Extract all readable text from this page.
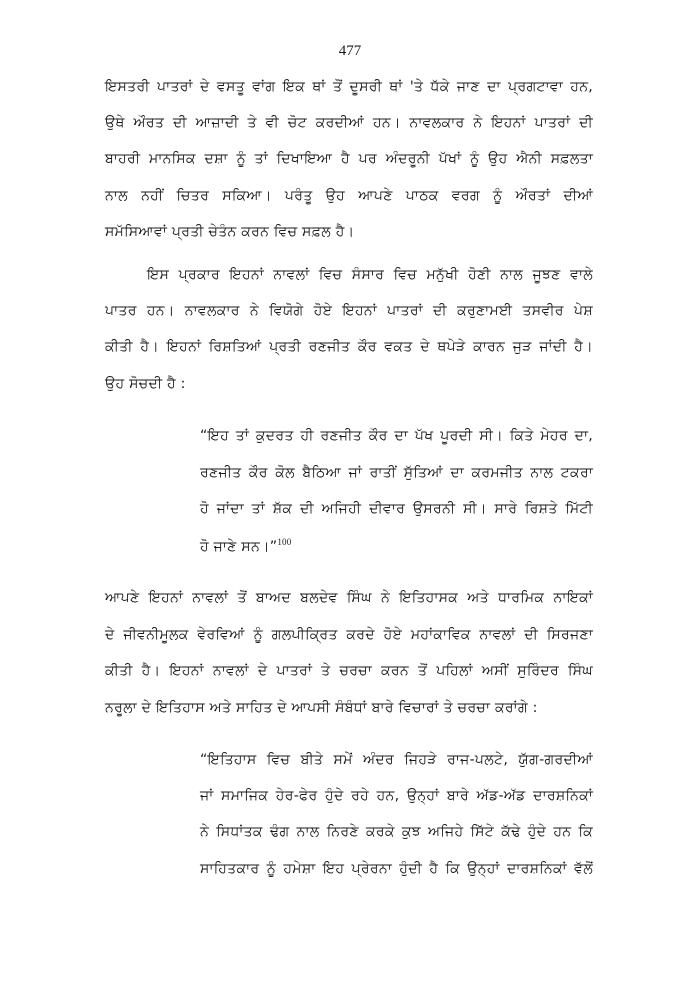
477
ਇਸਤਰੀ ਪਾਤਰਾਂ ਦੇ ਵਸਤੂ ਵਾਂਗ ਇਕ ਥਾਂ ਤੋਂ ਦੂਸਰੀ ਥਾਂ 'ਤੇ ਧੱਕੇ ਜਾਣ ਦਾ ਪ੍ਰਗਟਾਵਾ ਹਨ,
ਉਥੇ ਔਰਤ ਦੀ ਆਜ਼ਾਦੀ ਤੇ ਵੀ ਚੋਟ ਕਰਦੀਆਂ ਹਨ। ਨਾਵਲਕਾਰ ਨੇ ਇਹਨਾਂ ਪਾਤਰਾਂ ਦੀ
ਬਾਹਰੀ ਮਾਨਸਿਕ ਦਸ਼ਾ ਨੂੰ ਤਾਂ ਦਿਖਾਇਆ ਹੈ ਪਰ ਅੰਦਰੂਨੀ ਪੱਖਾਂ ਨੂੰ ਉਹ ਐਨੀ ਸਫ਼ਲਤਾ
ਨਾਲ ਨਹੀਂ ਚਿਤਰ ਸਕਿਆ। ਪਰੰਤੂ ਉਹ ਆਪਣੇ ਪਾਠਕ ਵਰਗ ਨੂੰ ਔਰਤਾਂ ਦੀਆਂ
ਸਮੱਸਿਆਵਾਂ ਪ੍ਰਤੀ ਚੇਤੰਨ ਕਰਨ ਵਿਚ ਸਫ਼ਲ ਹੈ।
ਇਸ ਪ੍ਰਕਾਰ ਇਹਨਾਂ ਨਾਵਲਾਂ ਵਿਚ ਸੰਸਾਰ ਵਿਚ ਮਨੁੱਖੀ ਹੋਣੀ ਨਾਲ ਜੂਝਣ ਵਾਲੇ
ਪਾਤਰ ਹਨ। ਨਾਵਲਕਾਰ ਨੇ ਵਿਯੋਗੇ ਹੋਏ ਇਹਨਾਂ ਪਾਤਰਾਂ ਦੀ ਕਰੁਣਾਮਈ ਤਸਵੀਰ ਪੇਸ਼
ਕੀਤੀ ਹੈ। ਇਹਨਾਂ ਰਿਸ਼ਤਿਆਂ ਪ੍ਰਤੀ ਰਣਜੀਤ ਕੌਰ ਵਕਤ ਦੇ ਥਪੇੜੇ ਕਾਰਨ ਜੁੜ ਜਾਂਦੀ ਹੈ।
ਉਹ ਸੋਚਦੀ ਹੈ :
“ਇਹ ਤਾਂ ਕੁਦਰਤ ਹੀ ਰਣਜੀਤ ਕੌਰ ਦਾ ਪੱਖ ਪੂਰਦੀ ਸੀ। ਕਿਤੇ ਮੇਹਰ ਦਾ,
ਰਣਜੀਤ ਕੌਰ ਕੋਲ ਬੈਠਿਆ ਜਾਂ ਰਾਤੀਂ ਸੁੱਤਿਆਂ ਦਾ ਕਰਮਜੀਤ ਨਾਲ ਟਕਰਾ
ਹੋ ਜਾਂਦਾ ਤਾਂ ਸ਼ੱਕ ਦੀ ਅਜਿਹੀ ਦੀਵਾਰ ਉਸਰਨੀ ਸੀ। ਸਾਰੇ ਰਿਸ਼ਤੇ ਮਿੱਟੀ
ਹੋ ਜਾਣੇ ਸਨ।”$^{100}$
ਆਪਣੇ ਇਹਨਾਂ ਨਾਵਲਾਂ ਤੋਂ ਬਾਅਦ ਬਲਦੇਵ ਸਿੰਘ ਨੇ ਇਤਿਹਾਸਕ ਅਤੇ ਧਾਰਮਿਕ ਨਾਇਕਾਂ
ਦੇ ਜੀਵਨੀਮੂਲਕ ਵੇਰਵਿਆਂ ਨੂੰ ਗਲਪੀਕ੍ਰਿਤ ਕਰਦੇ ਹੋਏ ਮਹਾਂਕਾਵਿਕ ਨਾਵਲਾਂ ਦੀ ਸਿਰਜਣਾ
ਕੀਤੀ ਹੈ। ਇਹਨਾਂ ਨਾਵਲਾਂ ਦੇ ਪਾਤਰਾਂ ਤੇ ਚਰਚਾ ਕਰਨ ਤੋਂ ਪਹਿਲਾਂ ਅਸੀਂ ਸੁਰਿੰਦਰ ਸਿੰਘ
ਨਰੂਲਾ ਦੇ ਇਤਿਹਾਸ ਅਤੇ ਸਾਹਿਤ ਦੇ ਆਪਸੀ ਸੰਬੰਧਾਂ ਬਾਰੇ ਵਿਚਾਰਾਂ ਤੇ ਚਰਚਾ ਕਰਾਂਗੇ :
“ਇਤਿਹਾਸ ਵਿਚ ਬੀਤੇ ਸਮੇਂ ਅੰਦਰ ਜਿਹੜੇ ਰਾਜ-ਪਲਟੇ, ਯੁੱਗ-ਗਰਦੀਆਂ
ਜਾਂ ਸਮਾਜਿਕ ਹੇਰ-ਫੇਰ ਹੁੰਦੇ ਰਹੇ ਹਨ, ਉਨ੍ਹਾਂ ਬਾਰੇ ਅੱਡ-ਅੱਡ ਦਾਰਸ਼ਨਿਕਾਂ
ਨੇ ਸਿਧਾਂਤਕ ਢੰਗ ਨਾਲ ਨਿਰਣੇ ਕਰਕੇ ਕੁਝ ਅਜਿਹੇ ਸਿੱਟੇ ਕੱਢੇ ਹੁੰਦੇ ਹਨ ਕਿ
ਸਾਹਿਤਕਾਰ ਨੂੰ ਹਮੇਸ਼ਾ ਇਹ ਪ੍ਰੇਰਨਾ ਹੁੰਦੀ ਹੈ ਕਿ ਉਨ੍ਹਾਂ ਦਾਰਸ਼ਨਿਕਾਂ ਵੱਲੋਂ
